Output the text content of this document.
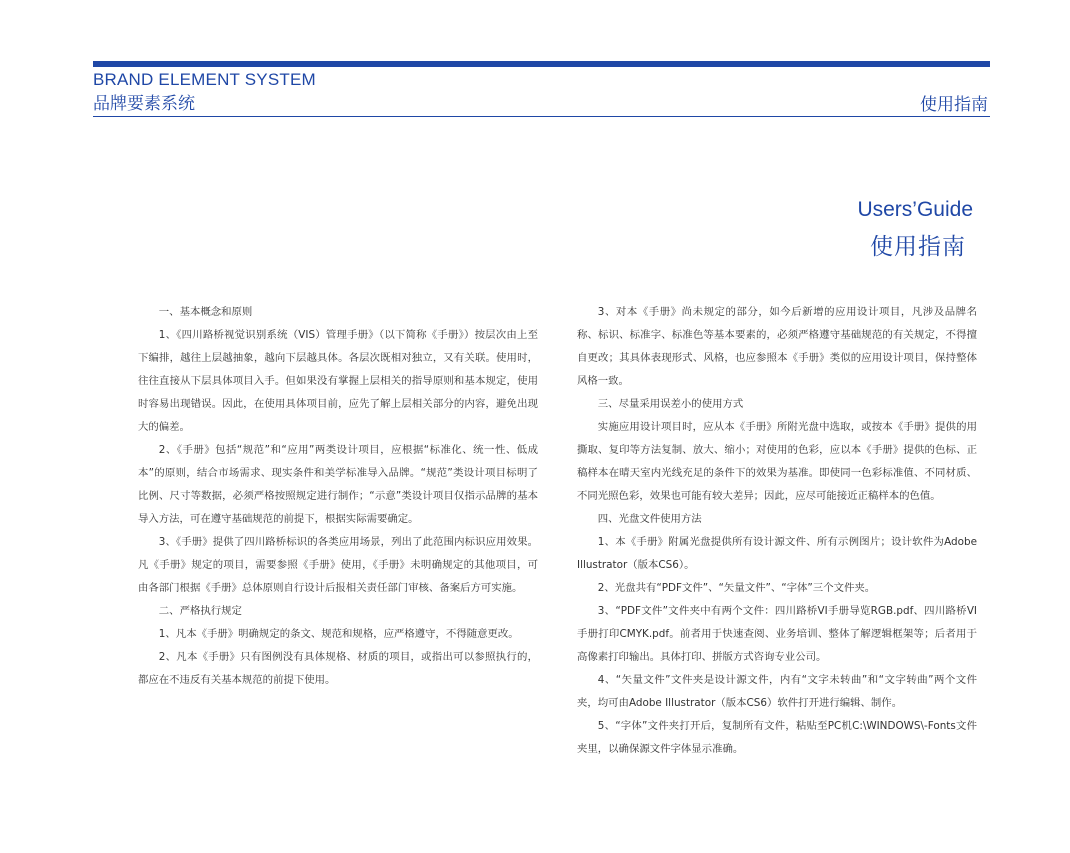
BRAND ELEMENT SYSTEM
品牌要素系统	使用指南
Users’Guide
使用指南

一、基本概念和原则

1、《四川路桥视觉识别系统（VIS）管理手册》（以下简称《手册》）按层次由上至下编排，越往上层越抽象，越向下层越具体。各层次既相对独立，又有关联。使用时，往往直接从下层具体项目入手。但如果没有掌握上层相关的指导原则和基本规定，使用时容易出现错误。因此，在使用具体项目前，应先了解上层相关部分的内容，避免出现大的偏差。

2、《手册》包括“规范”和“应用”两类设计项目，应根据“标准化、统一性、低成本”的原则，结合市场需求、现实条件和美学标准导入品牌。“规范”类设计项目标明了比例、尺寸等数据，必须严格按照规定进行制作；“示意”类设计项目仅指示品牌的基本导入方法，可在遵守基础规范的前提下，根据实际需要确定。

3、《手册》提供了四川路桥标识的各类应用场景，列出了此范围内标识应用效果。凡《手册》规定的项目，需要参照《手册》使用，《手册》未明确规定的其他项目，可由各部门根据《手册》总体原则自行设计后报相关责任部门审核、备案后方可实施。

二、严格执行规定

1、凡本《手册》明确规定的条文、规范和规格，应严格遵守，不得随意更改。

2、凡本《手册》只有图例没有具体规格、材质的项目，或指出可以参照执行的，都应在不违反有关基本规范的前提下使用。

3、对本《手册》尚未规定的部分，如今后新增的应用设计项目，凡涉及品牌名称、标识、标准字、标准色等基本要素的，必须严格遵守基础规范的有关规定，不得擅自更改；其具体表现形式、风格，也应参照本《手册》类似的应用设计项目，保持整体风格一致。

三、尽量采用误差小的使用方式

实施应用设计项目时，应从本《手册》所附光盘中选取，或按本《手册》提供的用撕取、复印等方法复制、放大、缩小；对使用的色彩，应以本《手册》提供的色标、正稿样本在晴天室内光线充足的条件下的效果为基准。即使同一色彩标准值、不同材质、不同光照色彩，效果也可能有较大差异；因此，应尽可能接近正稿样本的色值。

四、光盘文件使用方法

1、本《手册》附属光盘提供所有设计源文件、所有示例图片；设计软件为Adobe Illustrator（版本CS6）。

2、光盘共有“PDF文件”、“矢量文件”、“字体”三个文件夹。

3、“PDF文件”文件夹中有两个文件：四川路桥VI手册导览RGB.pdf、四川路桥VI手册打印CMYK.pdf。前者用于快速查阅、业务培训、整体了解逻辑框架等；后者用于高像素打印输出。具体打印、拼版方式咨询专业公司。

4、“矢量文件”文件夹是设计源文件，内有“文字未转曲”和“文字转曲”两个文件夹，均可由Adobe Illustrator（版本CS6）软件打开进行编辑、制作。

5、“字体”文件夹打开后，复制所有文件，粘贴至PC机C:\WINDOWS\-Fonts文件夹里，以确保源文件字体显示准确。
